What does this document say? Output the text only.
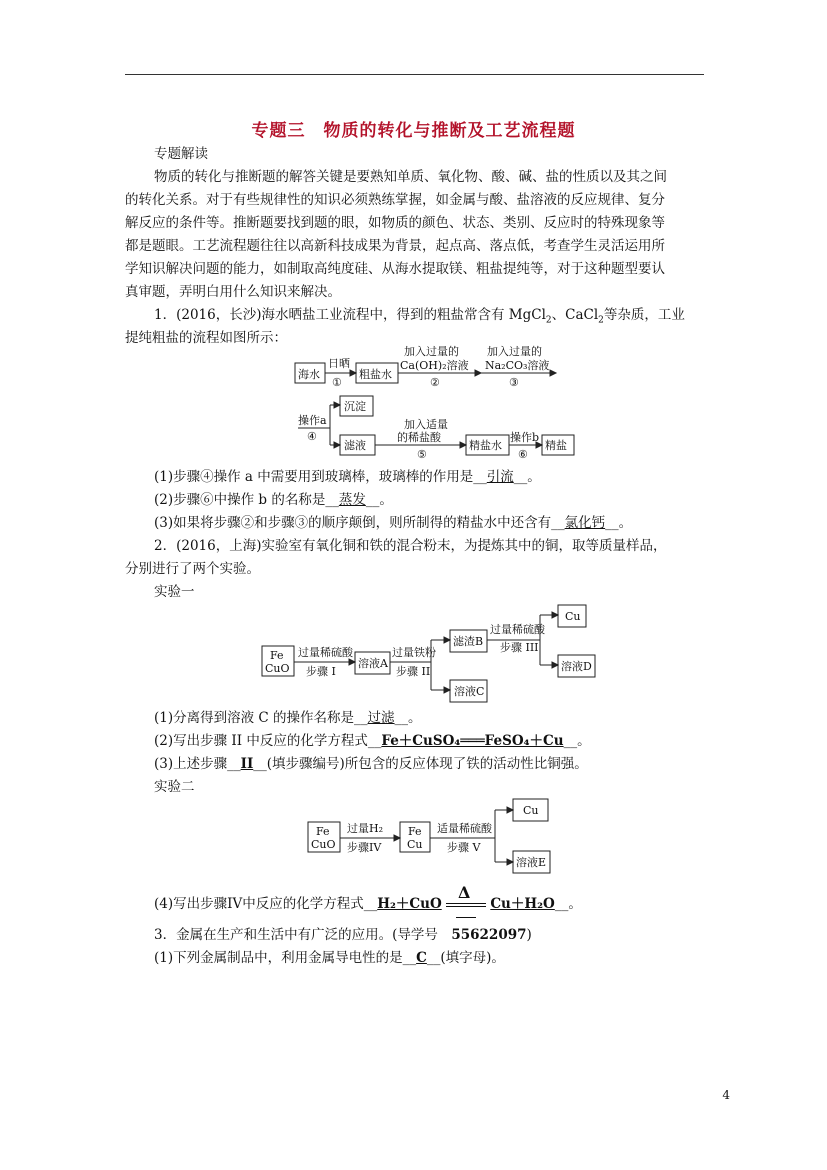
专题三　物质的转化与推断及工艺流程题
专题解读
物质的转化与推断题的解答关键是要熟知单质、氧化物、酸、碱、盐的性质以及其之间
的转化关系。对于有些规律性的知识必须熟练掌握，如金属与酸、盐溶液的反应规律、复分
解反应的条件等。推断题要找到题的眼，如物质的颜色、状态、类别、反应时的特殊现象等
都是题眼。工艺流程题往往以高新科技成果为背景，起点高、落点低，考查学生灵活运用所
学知识解决问题的能力，如制取高纯度硅、从海水提取镁、粗盐提纯等，对于这种题型要认
真审题，弄明白用什么知识来解决。
1．(2016，长沙)海水晒盐工业流程中，得到的粗盐常含有 MgCl$_2$、CaCl$_2$等杂质，工业
提纯粗盐的流程如图所示：
海水
日晒
①
粗盐水
加入过量的
Ca(OH)₂溶液
②
加入过量的
Na₂CO₃溶液
③
操作a
④
沉淀
滤液
加入适量
的稀盐酸
⑤
精盐水
操作b
⑥
精盐
(1)步骤④操作 a 中需要用到玻璃棒，玻璃棒的作用是__引流__。
(2)步骤⑥中操作 b 的名称是__蒸发__。
(3)如果将步骤②和步骤③的顺序颠倒，则所制得的精盐水中还含有__氯化钙__。
2．(2016，上海)实验室有氧化铜和铁的混合粉末，为提炼其中的铜，取等质量样品，
分别进行了两个实验。
实验一
Fe
CuO
过量稀硫酸
步骤 I
溶液A
过量铁粉
步骤 II
滤渣B
溶液C
过量稀硫酸
步骤 III
Cu
溶液D
(1)分离得到溶液 C 的操作名称是__过滤__。
(2)写出步骤 II 中反应的化学方程式__Fe＋CuSO₄═══FeSO₄＋Cu__。
(3)上述步骤__II__(填步骤编号)所包含的反应体现了铁的活动性比铜强。
实验二
Fe
CuO
过量H₂
步骤IV
Fe
Cu
适量稀硫酸
步骤 V
Cu
溶液E
(4)写出步骤IV中反应的化学方程式__H₂＋CuO
Δ
Cu＋H₂O__。
3．金属在生产和生活中有广泛的应用。(导学号　55622097)
(1)下列金属制品中，利用金属导电性的是__C__(填字母)。
4
